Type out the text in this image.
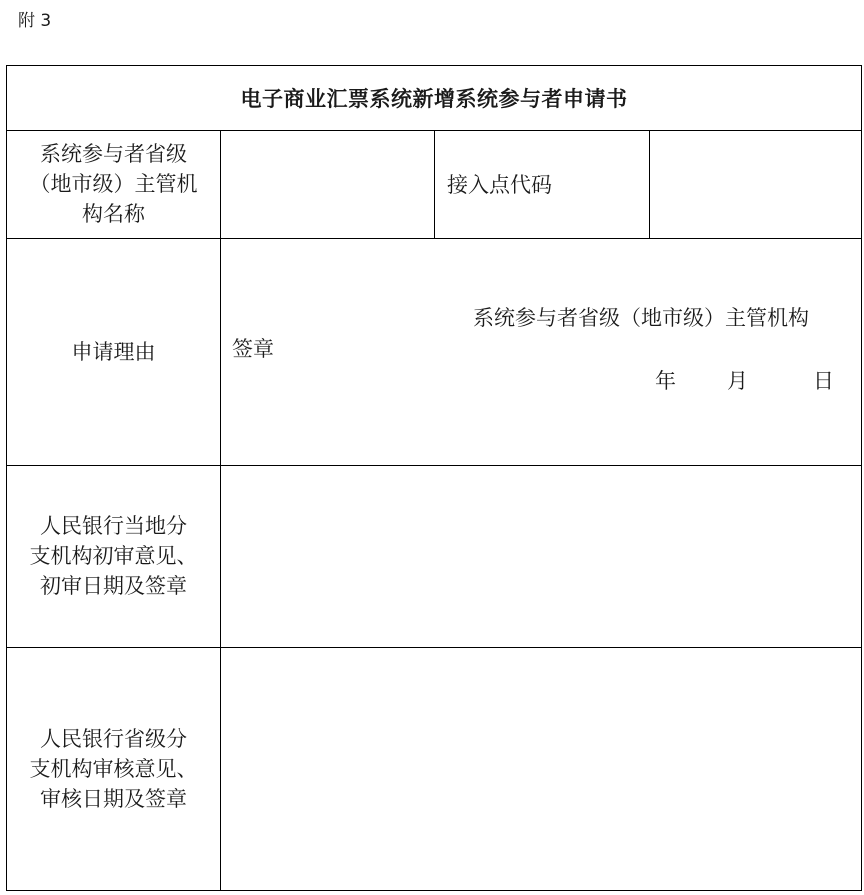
附 3
电子商业汇票系统新增系统参与者申请书
系统参与者省级
（地市级）主管机
构名称
接入点代码
申请理由
系统参与者省级（地市级）主管机构
签章
年 月	日
人民银行当地分
支机构初审意见、
初审日期及签章
人民银行省级分
支机构审核意见、
审核日期及签章
